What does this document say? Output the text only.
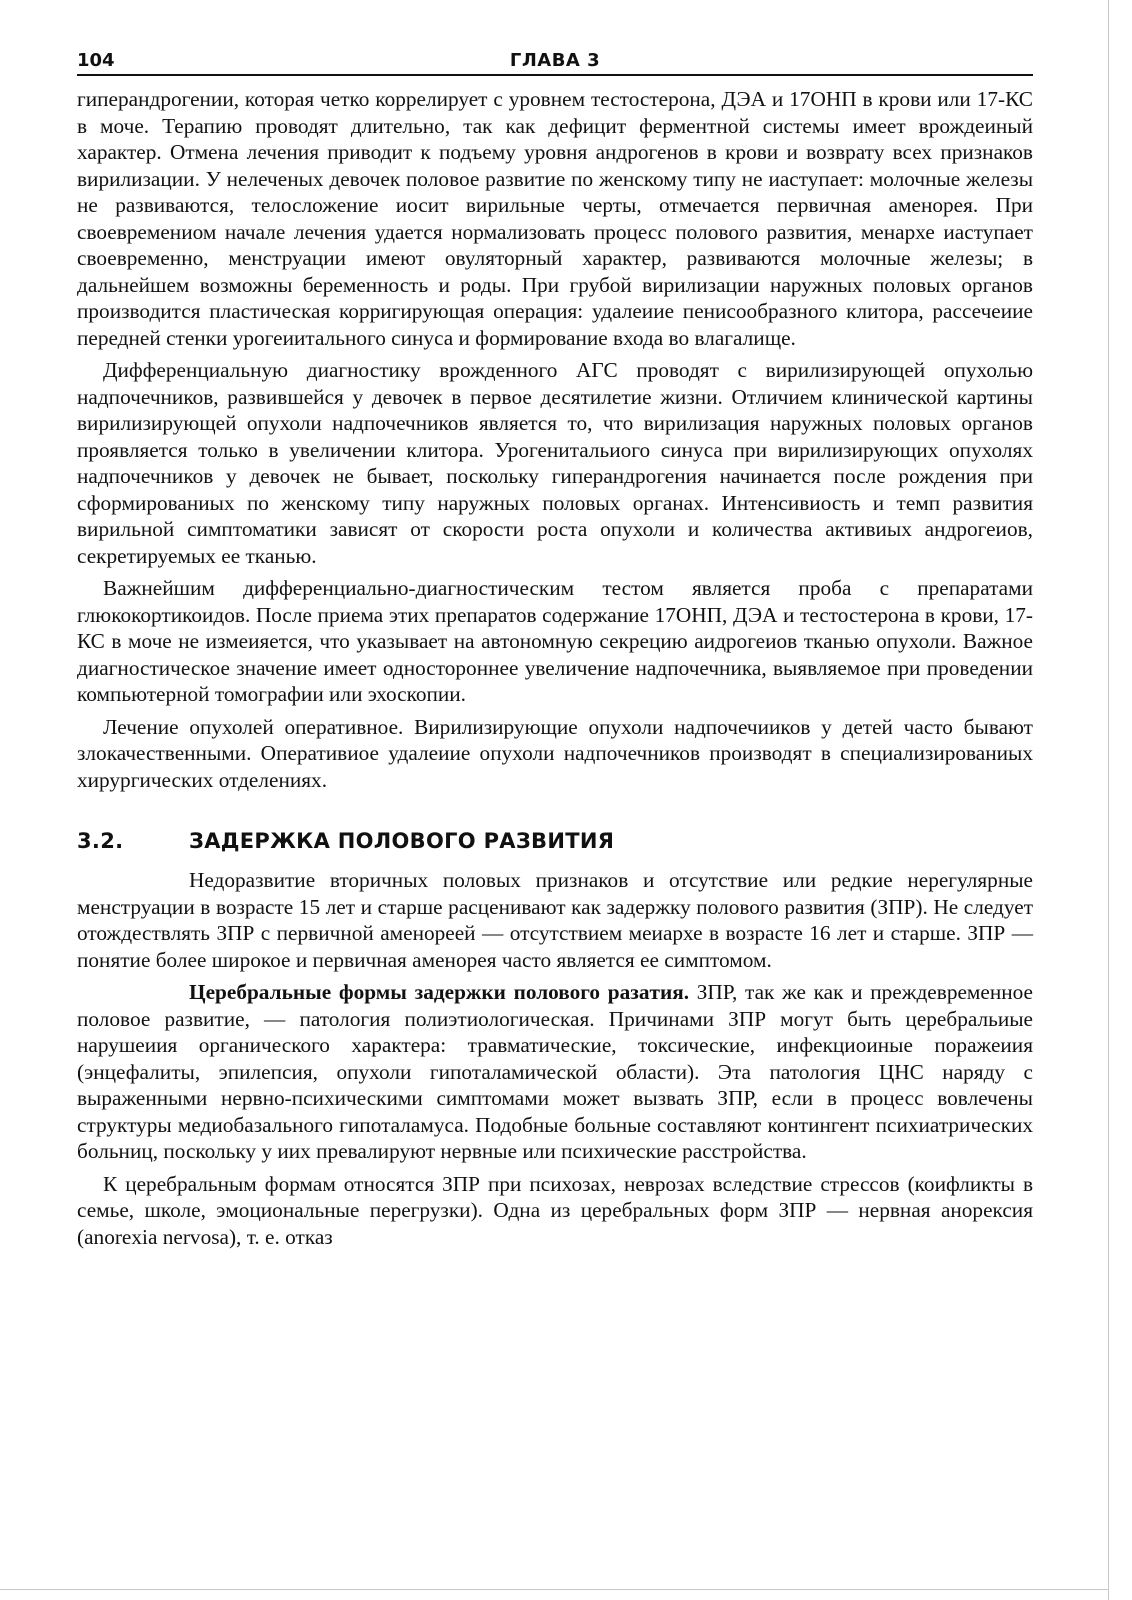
104	ГЛАВА 3

гиперандрогении, которая четко коррелирует с уровнем тестостерона, ДЭА и 17ОНП в крови или 17-КС в моче. Терапию проводят длительно, так как дефицит ферментной системы имеет врождеиный характер. Отмена лечения приводит к подъему уровня андрогенов в крови и возврату всех признаков вирилизации. У нелеченых девочек половое развитие по женскому типу не иаступает: молочные железы не развиваются, телосложение иосит вирильные черты, отмечается первичная аменорея. При своевремениом начале лечения удается нормализовать процесс полового развития, менархе иаступает своевременно, менструации имеют овуляторный характер, развиваются молочные железы; в дальнейшем возможны беременность и роды. При грубой вирилизации наружных половых органов производится пластическая корригирующая операция: удалеиие пенисообразного клитора, рассечеиие передней стенки урогеиитального синуса и формирование входа во влагалище.

Дифференциальную диагностику врожденного АГС проводят с вирилизирующей опухолью надпочечников, развившейся у девочек в первое десятилетие жизни. Отличием клинической картины вирилизирующей опухоли надпочечников является то, что вирилизация наружных половых органов проявляется только в увеличении клитора. Урогенитальиого синуса при вирилизирующих опухолях надпочечников у девочек не бывает, поскольку гиперандрогения начинается после рождения при сформированиых по женскому типу наружных половых органах. Интенсивиость и темп развития вирильной симптоматики зависят от скорости роста опухоли и количества активиых андрогеиов, секретируемых ее тканью.

Важнейшим дифференциально-диагностическим тестом является проба с препаратами глюкокортикоидов. После приема этих препаратов содержание 17ОНП, ДЭА и тестостерона в крови, 17-КС в моче не измеияется, что указывает на автономную секрецию аидрогеиов тканью опухоли. Важное диагностическое значение имеет одностороннее увеличение надпочечника, выявляемое при проведении компьютерной томографии или эхоскопии.

Лечение опухолей оперативное. Вирилизирующие опухоли надпочечииков у детей часто бывают злокачественными. Оперативиое удалеиие опухоли надпочечников производят в специализированиых хирургических отделениях.

3.2.	ЗАДЕРЖКА ПОЛОВОГО РАЗВИТИЯ

Недоразвитие вторичных половых признаков и отсутствие или редкие нерегулярные менструации в возрасте 15 лет и старше расценивают как задержку полового развития (ЗПР). Не следует отождествлять ЗПР с первичной аменореей — отсутствием меиархе в возрасте 16 лет и старше. ЗПР — понятие более широкое и первичная аменорея часто является ее симптомом.

Церебральные формы задержки полового разaтия. ЗПР, так же как и преждевременное половое развитие, — патология полиэтиологическая. Причинами ЗПР могут быть церебральиые нарушеиия органического характера: травматические, токсические, инфекциоиные поражеиия (энцефалиты, эпилепсия, опухоли гипоталамической области). Эта патология ЦНС наряду с выраженными нервно-психическими симптомами может вызвать ЗПР, если в процесс вовлечены структуры медиобазального гипоталамуса. Подобные больные составляют контингент психиатрических больниц, поскольку у иих превалируют нервные или психические расстройства.

К церебральным формам относятся ЗПР при психозах, неврозах вследствие стрессов (коифликты в семье, школе, эмоциональные перегрузки). Одна из церебральных форм ЗПР — нервная анорексия (anorexia nervosa), т. е. отказ
